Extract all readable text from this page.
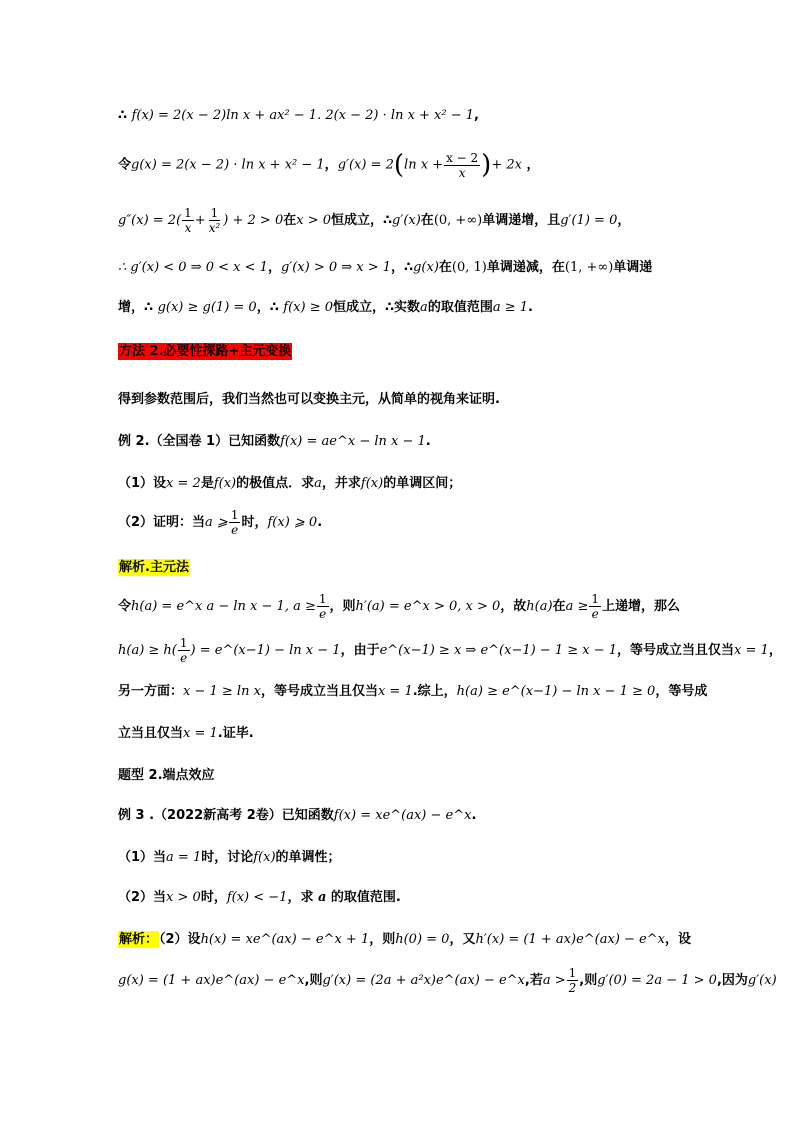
∴ f(x) = 2(x − 2)ln x + ax² − 1. 2(x − 2) · ln x + x² − 1,
令g(x) = 2(x − 2) · ln x + x² − 1，g′(x) = 2(ln $x + \frac{x - 2}{x}$ )+ 2x ，
$g''(x) = 2( \frac{1}{x} + \frac{1}{\text{x²}}$ ) + 2 > 0在x > 0恒成立，∴g′(x)在(0, +∞)单调递增，且g′(1) = 0，
∴ g′(x) < 0 ⇒ 0 < x < 1，g′(x) > 0 ⇒ x > 1，∴g(x)在(0, 1)单调递减，在(1, +∞)单调递
增，∴ g(x) ≥ g(1) = 0，∴ f(x) ≥ 0恒成立，∴实数a的取值范围a ≥ 1.
方法 2.必要性探路+主元变换
得到参数范围后，我们当然也可以变换主元，从简单的视角来证明.
例 2.（全国卷 1）已知函数f(x) = ae^x − ln x − 1.
（1）设x = 2是f(x)的极值点．求a，并求f(x)的单调区间；
（2）证明：当a ⩾ $\frac{1}{e}$ 时，f(x) ⩾ 0.
解析.主元法
令h(a) = e^x a − ln x − 1, $a \ge \frac{1}{e}$ ，则h′(a) = e^x > 0, x > 0，故h(a)在$a \ge \frac{1}{e}$ 上递增，那么
$h(a) \ge h( \frac{1}{e}$ ) = e^(x−1) − ln x − 1，由于e^(x−1) ≥ x ⇒ e^(x−1) − 1 ≥ x − 1，等号成立当且仅当x = 1，
另一方面：x − 1 ≥ ln x，等号成立当且仅当x = 1.综上，h(a) ≥ e^(x−1) − ln x − 1 ≥ 0，等号成
立当且仅当x = 1.证毕.
题型 2.端点效应
例 3 .（2022新高考 2卷）已知函数f(x) = xe^(ax) − e^x.
（1）当a = 1时，讨论f(x)的单调性；
（2）当x > 0时，f(x) < −1，求 a 的取值范围.
解析：（2）设h(x) = xe^(ax) − e^x + 1，则h(0) = 0，又h′(x) = (1 + ax)e^(ax) − e^x，设
g(x) = (1 + ax)e^(ax) − e^x,则g′(x) = (2a + a²x)e^(ax) − e^x,若$a > \frac{1}{2}$ ,则g′(0) = 2a − 1 > 0,因为g′(x)
